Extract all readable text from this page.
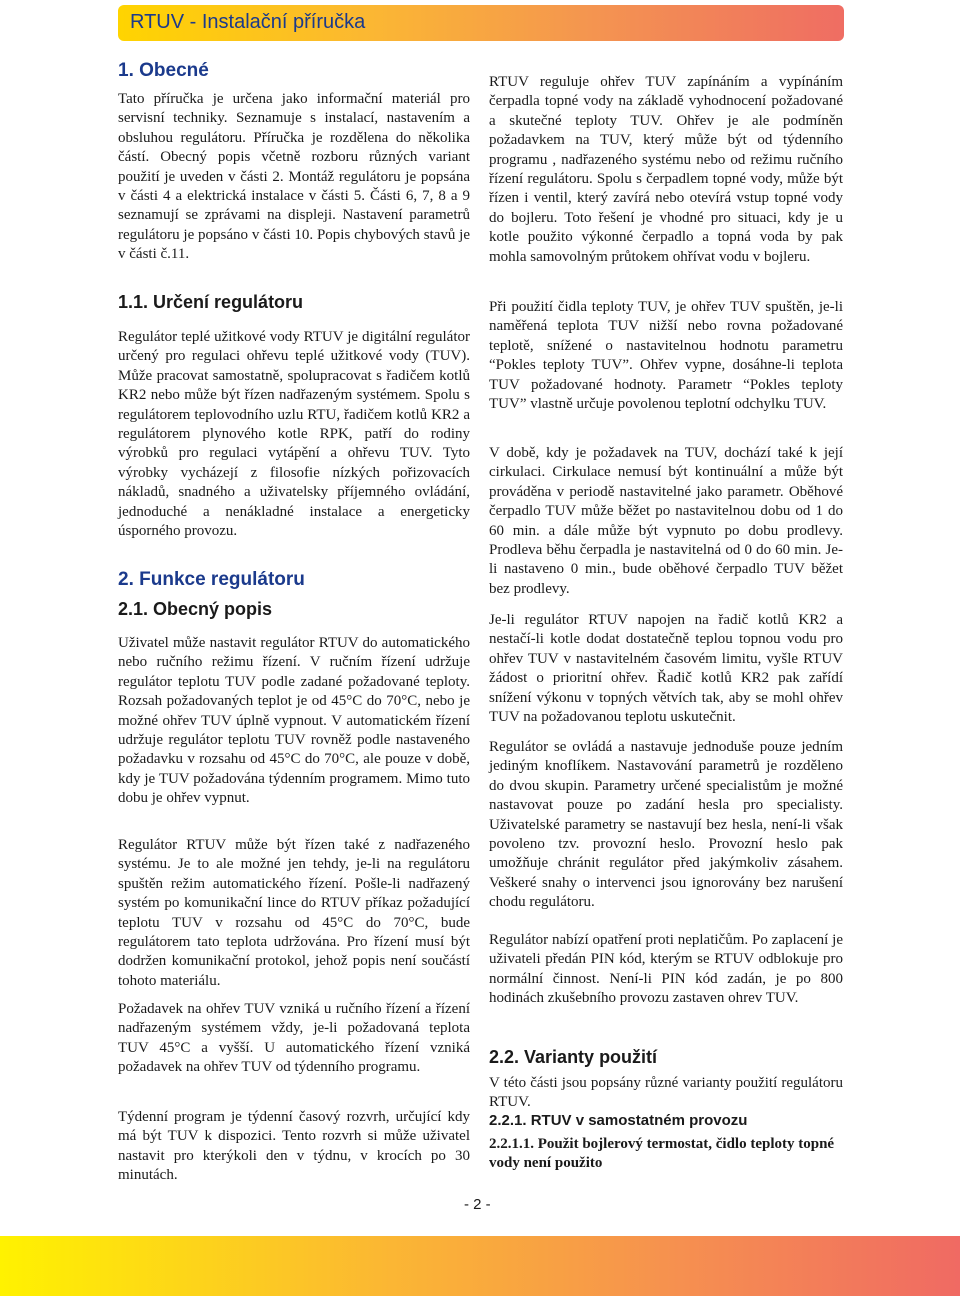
RTUV - Instalační příručka
1. Obecné

Tato příručka je určena jako informační materiál pro servisní techniky. Seznamuje s instalací, nastavením a obsluhou regulátoru. Příručka je rozdělena do několika částí. Obecný popis včetně rozboru různých variant použití je uveden v části 2. Montáž regulátoru je popsána v části 4 a elektrická instalace v části 5. Části 6, 7, 8 a 9 seznamují se zprávami na displeji. Nastavení parametrů regulátoru je popsáno v části 10. Popis chybových stavů je v části č.11.

1.1. Určení regulátoru

Regulátor teplé užitkové vody RTUV je digitální regulátor určený pro regulaci ohřevu teplé užitkové vody (TUV). Může pracovat samostatně, spolupracovat s řadičem kotlů KR2 nebo může být řízen nadřazeným systémem. Spolu s regulátorem teplovodního uzlu RTU, řadičem kotlů KR2 a regulátorem plynového kotle RPK, patří do rodiny výrobků pro regulaci vytápění a ohřevu TUV. Tyto výrobky vycházejí z filosofie nízkých pořizovacích nákladů, snadného a uživatelsky příjemného ovládání, jednoduché a nenákladné instalace a energeticky úsporného provozu.

2. Funkce regulátoru
2.1. Obecný popis

Uživatel může nastavit regulátor RTUV do automatického nebo ručního režimu řízení. V ručním řízení udržuje regulátor teplotu TUV podle zadané požadované teploty. Rozsah požadovaných teplot je od 45°C do 70°C, nebo je možné ohřev TUV úplně vypnout. V automatickém řízení udržuje regulátor teplotu TUV rovněž podle nastaveného požadavku v rozsahu od 45°C do 70°C, ale pouze v době, kdy je TUV požadována týdenním programem. Mimo tuto dobu je ohřev vypnut.

Regulátor RTUV může být řízen také z nadřazeného systému. Je to ale možné jen tehdy, je-li na regulátoru spuštěn režim automatického řízení. Pošle-li nadřazený systém po komunikační lince do RTUV příkaz požadující teplotu TUV v rozsahu od 45°C do 70°C, bude regulátorem tato teplota udržována. Pro řízení musí být dodržen komunikační protokol, jehož popis není součástí tohoto materiálu.

Požadavek na ohřev TUV vzniká u ručního řízení a řízení nadřazeným systémem vždy, je-li požadovaná teplota TUV 45°C a vyšší. U automatického řízení vzniká požadavek na ohřev TUV od týdenního programu.

Týdenní program je týdenní časový rozvrh, určující kdy má být TUV k dispozici. Tento rozvrh si může uživatel nastavit pro kterýkoli den v týdnu, v krocích po 30 minutách.

RTUV reguluje ohřev TUV zapínáním a vypínáním čerpadla topné vody na základě vyhodnocení požadované a skutečné teploty TUV. Ohřev je ale podmíněn požadavkem na TUV, který může být od týdenního programu , nadřazeného systému nebo od režimu ručního řízení regulátoru. Spolu s čerpadlem topné vody, může být řízen i ventil, který zavírá nebo otevírá vstup topné vody do bojleru. Toto řešení je vhodné pro situaci, kdy je u kotle použito výkonné čerpadlo a topná voda by pak mohla samovolným průtokem ohřívat vodu v bojleru.

Při použití čidla teploty TUV, je ohřev TUV spuštěn, je-li naměřená teplota TUV nižší nebo rovna požadované teplotě, snížené o nastavitelnou hodnotu parametru “Pokles teploty TUV”. Ohřev vypne, dosáhne-li teplota TUV požadované hodnoty. Parametr “Pokles teploty TUV” vlastně určuje povolenou teplotní odchylku TUV.

V době, kdy je požadavek na TUV, dochází také k její cirkulaci. Cirkulace nemusí být kontinuální a může být prováděna v periodě nastavitelné jako parametr. Oběhové čerpadlo TUV může běžet po nastavitelnou dobu od 1 do 60 min. a dále může být vypnuto po dobu prodlevy. Prodleva běhu čerpadla je nastavitelná od 0 do 60 min. Je-li nastaveno 0 min., bude oběhové čerpadlo TUV běžet bez prodlevy.

Je-li regulátor RTUV napojen na řadič kotlů KR2 a nestačí-li kotle dodat dostatečně teplou topnou vodu pro ohřev TUV v nastavitelném časovém limitu, vyšle RTUV žádost o prioritní ohřev. Řadič kotlů KR2 pak zařídí snížení výkonu v topných větvích tak, aby se mohl ohřev TUV na požadovanou teplotu uskutečnit.

Regulátor se ovládá a nastavuje jednoduše pouze jedním jediným knoflíkem. Nastavování parametrů je rozděleno do dvou skupin. Parametry určené specialistům je možné nastavovat pouze po zadání hesla pro specialisty. Uživatelské parametry se nastavují bez hesla, není-li však povoleno tzv. provozní heslo. Provozní heslo pak umožňuje chránit regulátor před jakýmkoliv zásahem. Veškeré snahy o intervenci jsou ignorovány bez narušení chodu regulátoru.

Regulátor nabízí opatření proti neplatičům. Po zaplacení je uživateli předán PIN kód, kterým se RTUV odblokuje pro normální činnost. Není-li PIN kód zadán, je po 800 hodinách zkušebního provozu zastaven ohrev TUV.

2.2. Varianty použití

V této části jsou popsány různé varianty použití regulátoru RTUV.

2.2.1. RTUV v samostatném provozu
2.2.1.1. Použit bojlerový termostat, čidlo teploty topné vody není použito
- 2 -
